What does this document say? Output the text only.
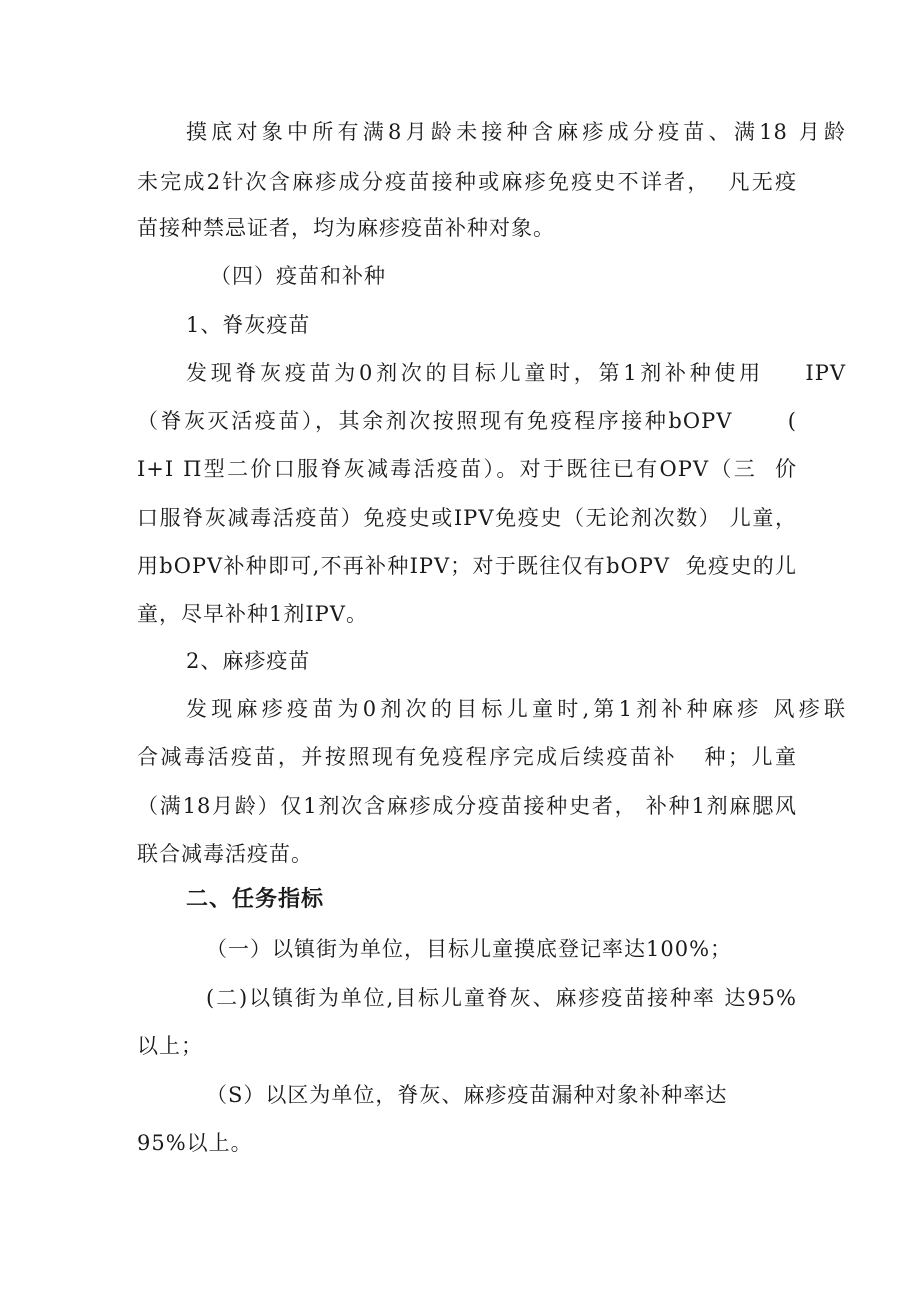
摸底对象中所有满8月龄未接种含麻疹成分疫苗、满18 月龄
未完成2针次含麻疹成分疫苗接种或麻疹免疫史不详者，  凡无疫
苗接种禁忌证者，均为麻疹疫苗补种对象。
（四）疫苗和补种
1、脊灰疫苗
发现脊灰疫苗为0剂次的目标儿童时，第1剂补种使用    IPV
（脊灰灭活疫苗），其余剂次按照现有免疫程序接种bOPV      (
I+I Π型二价口服脊灰减毒活疫苗）。对于既往已有OPV（三  价
口服脊灰减毒活疫苗）免疫史或IPV免疫史（无论剂次数） 儿童，
用bOPV补种即可,不再补种IPV；对于既往仅有bOPV  免疫史的儿
童，尽早补种1剂IPV。
2、麻疹疫苗
发现麻疹疫苗为0剂次的目标儿童时,第1剂补种麻疹 风疹联
合减毒活疫苗，并按照现有免疫程序完成后续疫苗补   种；儿童
（满18月龄）仅1剂次含麻疹成分疫苗接种史者， 补种1剂麻腮风
联合减毒活疫苗。
二、任务指标
（一）以镇街为单位，目标儿童摸底登记率达100%；
(二)以镇街为单位,目标儿童脊灰、麻疹疫苗接种率 达95%
以上；
（S）以区为单位，脊灰、麻疹疫苗漏种对象补种率达
95%以上。
